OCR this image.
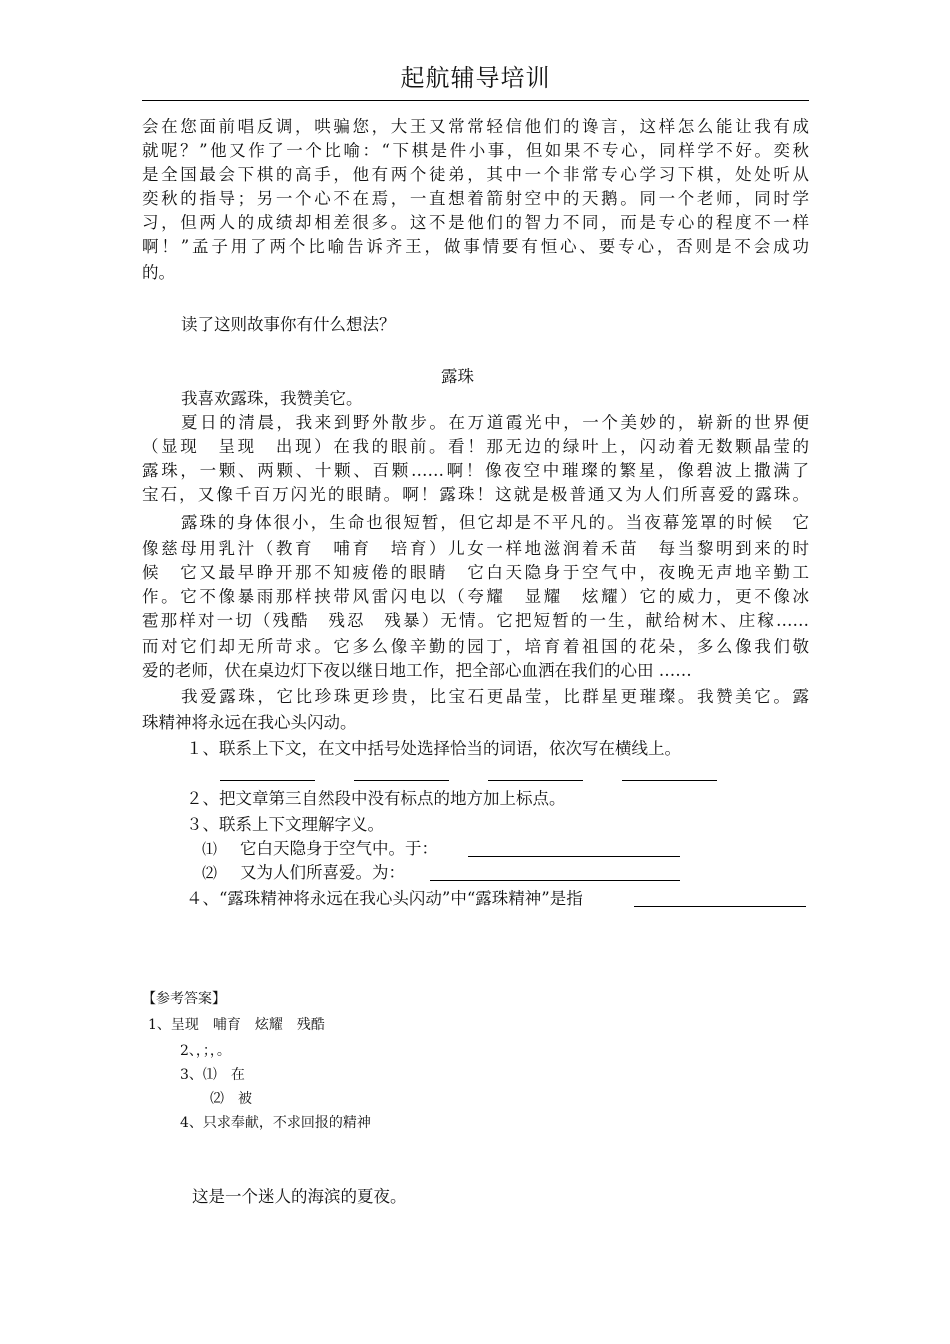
起航辅导培训
会在您面前唱反调，哄骗您，大王又常常轻信他们的谗言，这样怎么能让我有成
就呢？”他又作了一个比喻：“下棋是件小事，但如果不专心，同样学不好。奕秋
是全国最会下棋的高手，他有两个徒弟，其中一个非常专心学习下棋，处处听从
奕秋的指导；另一个心不在焉，一直想着箭射空中的天鹅。同一个老师，同时学
习，但两人的成绩却相差很多。这不是他们的智力不同，而是专心的程度不一样
啊！”孟子用了两个比喻告诉齐王，做事情要有恒心、要专心，否则是不会成功
的。
读了这则故事你有什么想法？
露珠
我喜欢露珠，我赞美它。
夏日的清晨，我来到野外散步。在万道霞光中，一个美妙的，崭新的世界便
（显现　呈现　出现）在我的眼前。看！那无边的绿叶上，闪动着无数颗晶莹的
露珠，一颗、两颗、十颗、百颗……啊！像夜空中璀璨的繁星，像碧波上撒满了
宝石，又像千百万闪光的眼睛。啊！露珠！这就是极普通又为人们所喜爱的露珠。
露珠的身体很小，生命也很短暂，但它却是不平凡的。当夜幕笼罩的时候　它
像慈母用乳汁（教育　哺育　培育）儿女一样地滋润着禾苗　每当黎明到来的时
候　它又最早睁开那不知疲倦的眼睛　它白天隐身于空气中，夜晚无声地辛勤工
作。它不像暴雨那样挟带风雷闪电以（夸耀　显耀　炫耀）它的威力，更不像冰
雹那样对一切（残酷　残忍　残暴）无情。它把短暂的一生，献给树木、庄稼……
而对它们却无所苛求。它多么像辛勤的园丁，培育着祖国的花朵，多么像我们敬
爱的老师，伏在桌边灯下夜以继日地工作，把全部心血洒在我们的心田 ……
我爱露珠，它比珍珠更珍贵，比宝石更晶莹，比群星更璀璨。我赞美它。露
珠精神将永远在我心头闪动。
１、联系上下文，在文中括号处选择恰当的词语，依次写在横线上。
２、把文章第三自然段中没有标点的地方加上标点。
３、联系上下文理解字义。
⑴ 它白天隐身于空气中。于：
⑵ 又为人们所喜爱。为：
４、“露珠精神将永远在我心头闪动”中“露珠精神”是指
【参考答案】
1、呈现　哺育　炫耀　残酷
2、，；，。
3、⑴　在
⑵　被
4、只求奉献，不求回报的精神
这是一个迷人的海滨的夏夜。
